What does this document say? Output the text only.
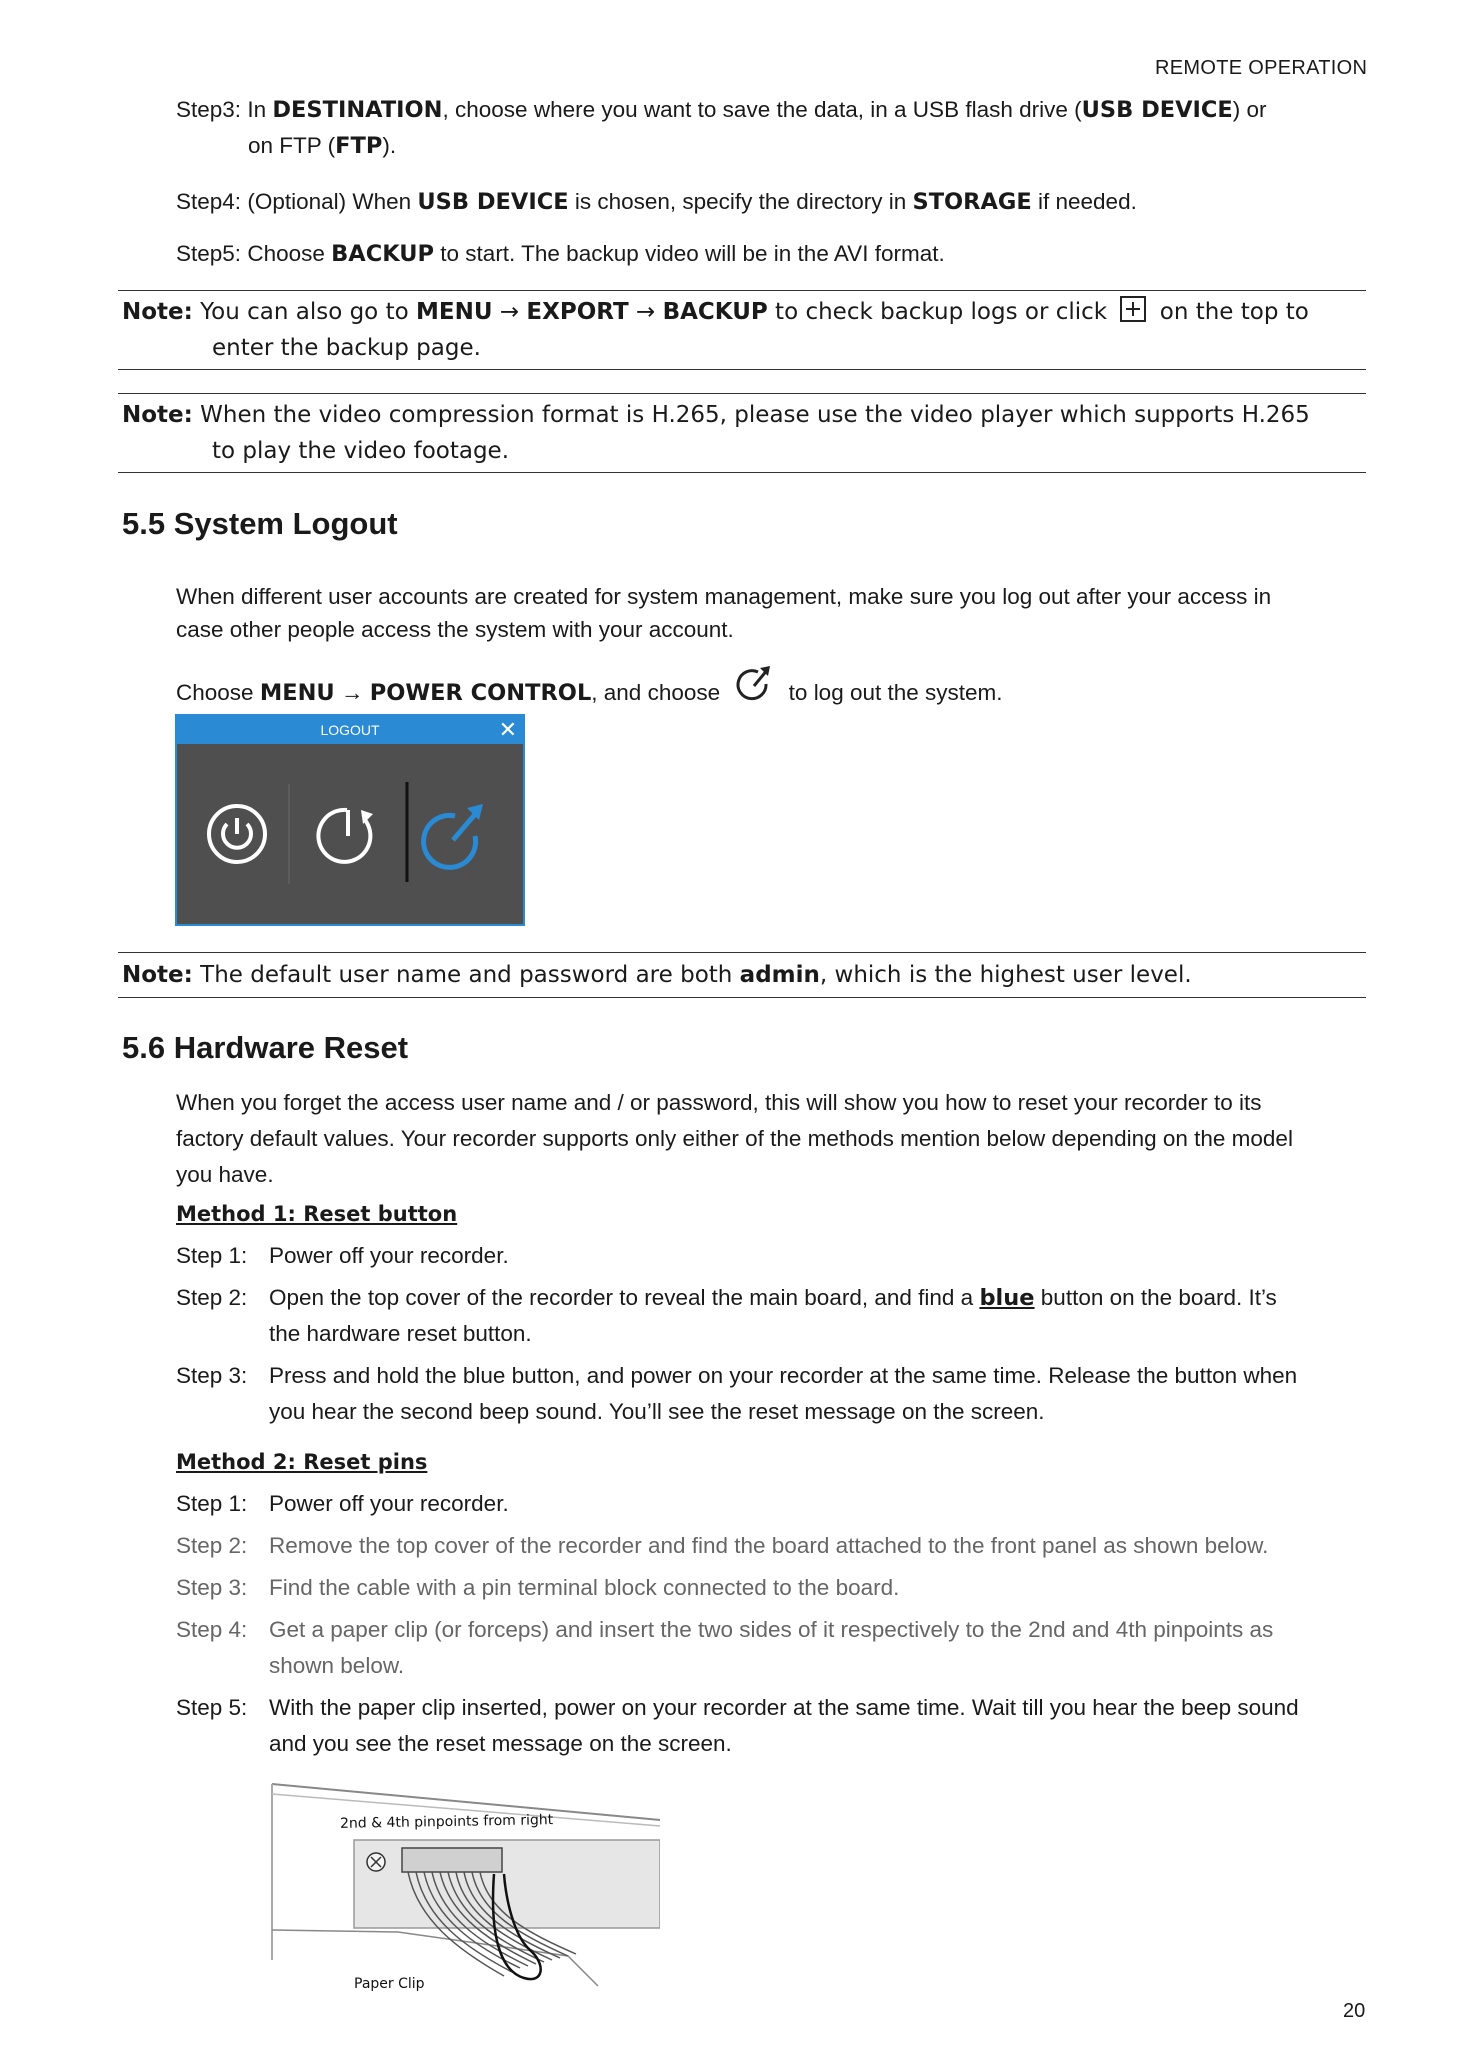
REMOTE OPERATION
Step3: In DESTINATION, choose where you want to save the data, in a USB flash drive (USB DEVICE) or
on FTP (FTP).
Step4: (Optional) When USB DEVICE is chosen, specify the directory in STORAGE if needed.
Step5: Choose BACKUP to start. The backup video will be in the AVI format.
Note: You can also go to MENU → EXPORT → BACKUP to check backup logs or click  on the top to
enter the backup page.
Note: When the video compression format is H.265, please use the video player which supports H.265
to play the video footage.
5.5 System Logout
When different user accounts are created for system management, make sure you log out after your access in
case other people access the system with your account.
Choose MENU → POWER CONTROL, and choose	to log out the system.
LOGOUT	✕
Note: The default user name and password are both admin, which is the highest user level.
5.6 Hardware Reset
When you forget the access user name and / or password, this will show you how to reset your recorder to its
factory default values. Your recorder supports only either of the methods mention below depending on the model
you have.
Method 1: Reset button
Step 1: Power off your recorder.
Step 2: Open the top cover of the recorder to reveal the main board, and find a blue button on the board. It’s
the hardware reset button.
Step 3: Press and hold the blue button, and power on your recorder at the same time. Release the button when
you hear the second beep sound. You’ll see the reset message on the screen.
Method 2: Reset pins
Step 1: Power off your recorder.
Step 2: Remove the top cover of the recorder and find the board attached to the front panel as shown below.
Step 3: Find the cable with a pin terminal block connected to the board.
Step 4: Get a paper clip (or forceps) and insert the two sides of it respectively to the 2nd and 4th pinpoints as
shown below.
Step 5: With the paper clip inserted, power on your recorder at the same time. Wait till you hear the beep sound
and you see the reset message on the screen.
2nd & 4th pinpoints from right
Paper Clip
20
